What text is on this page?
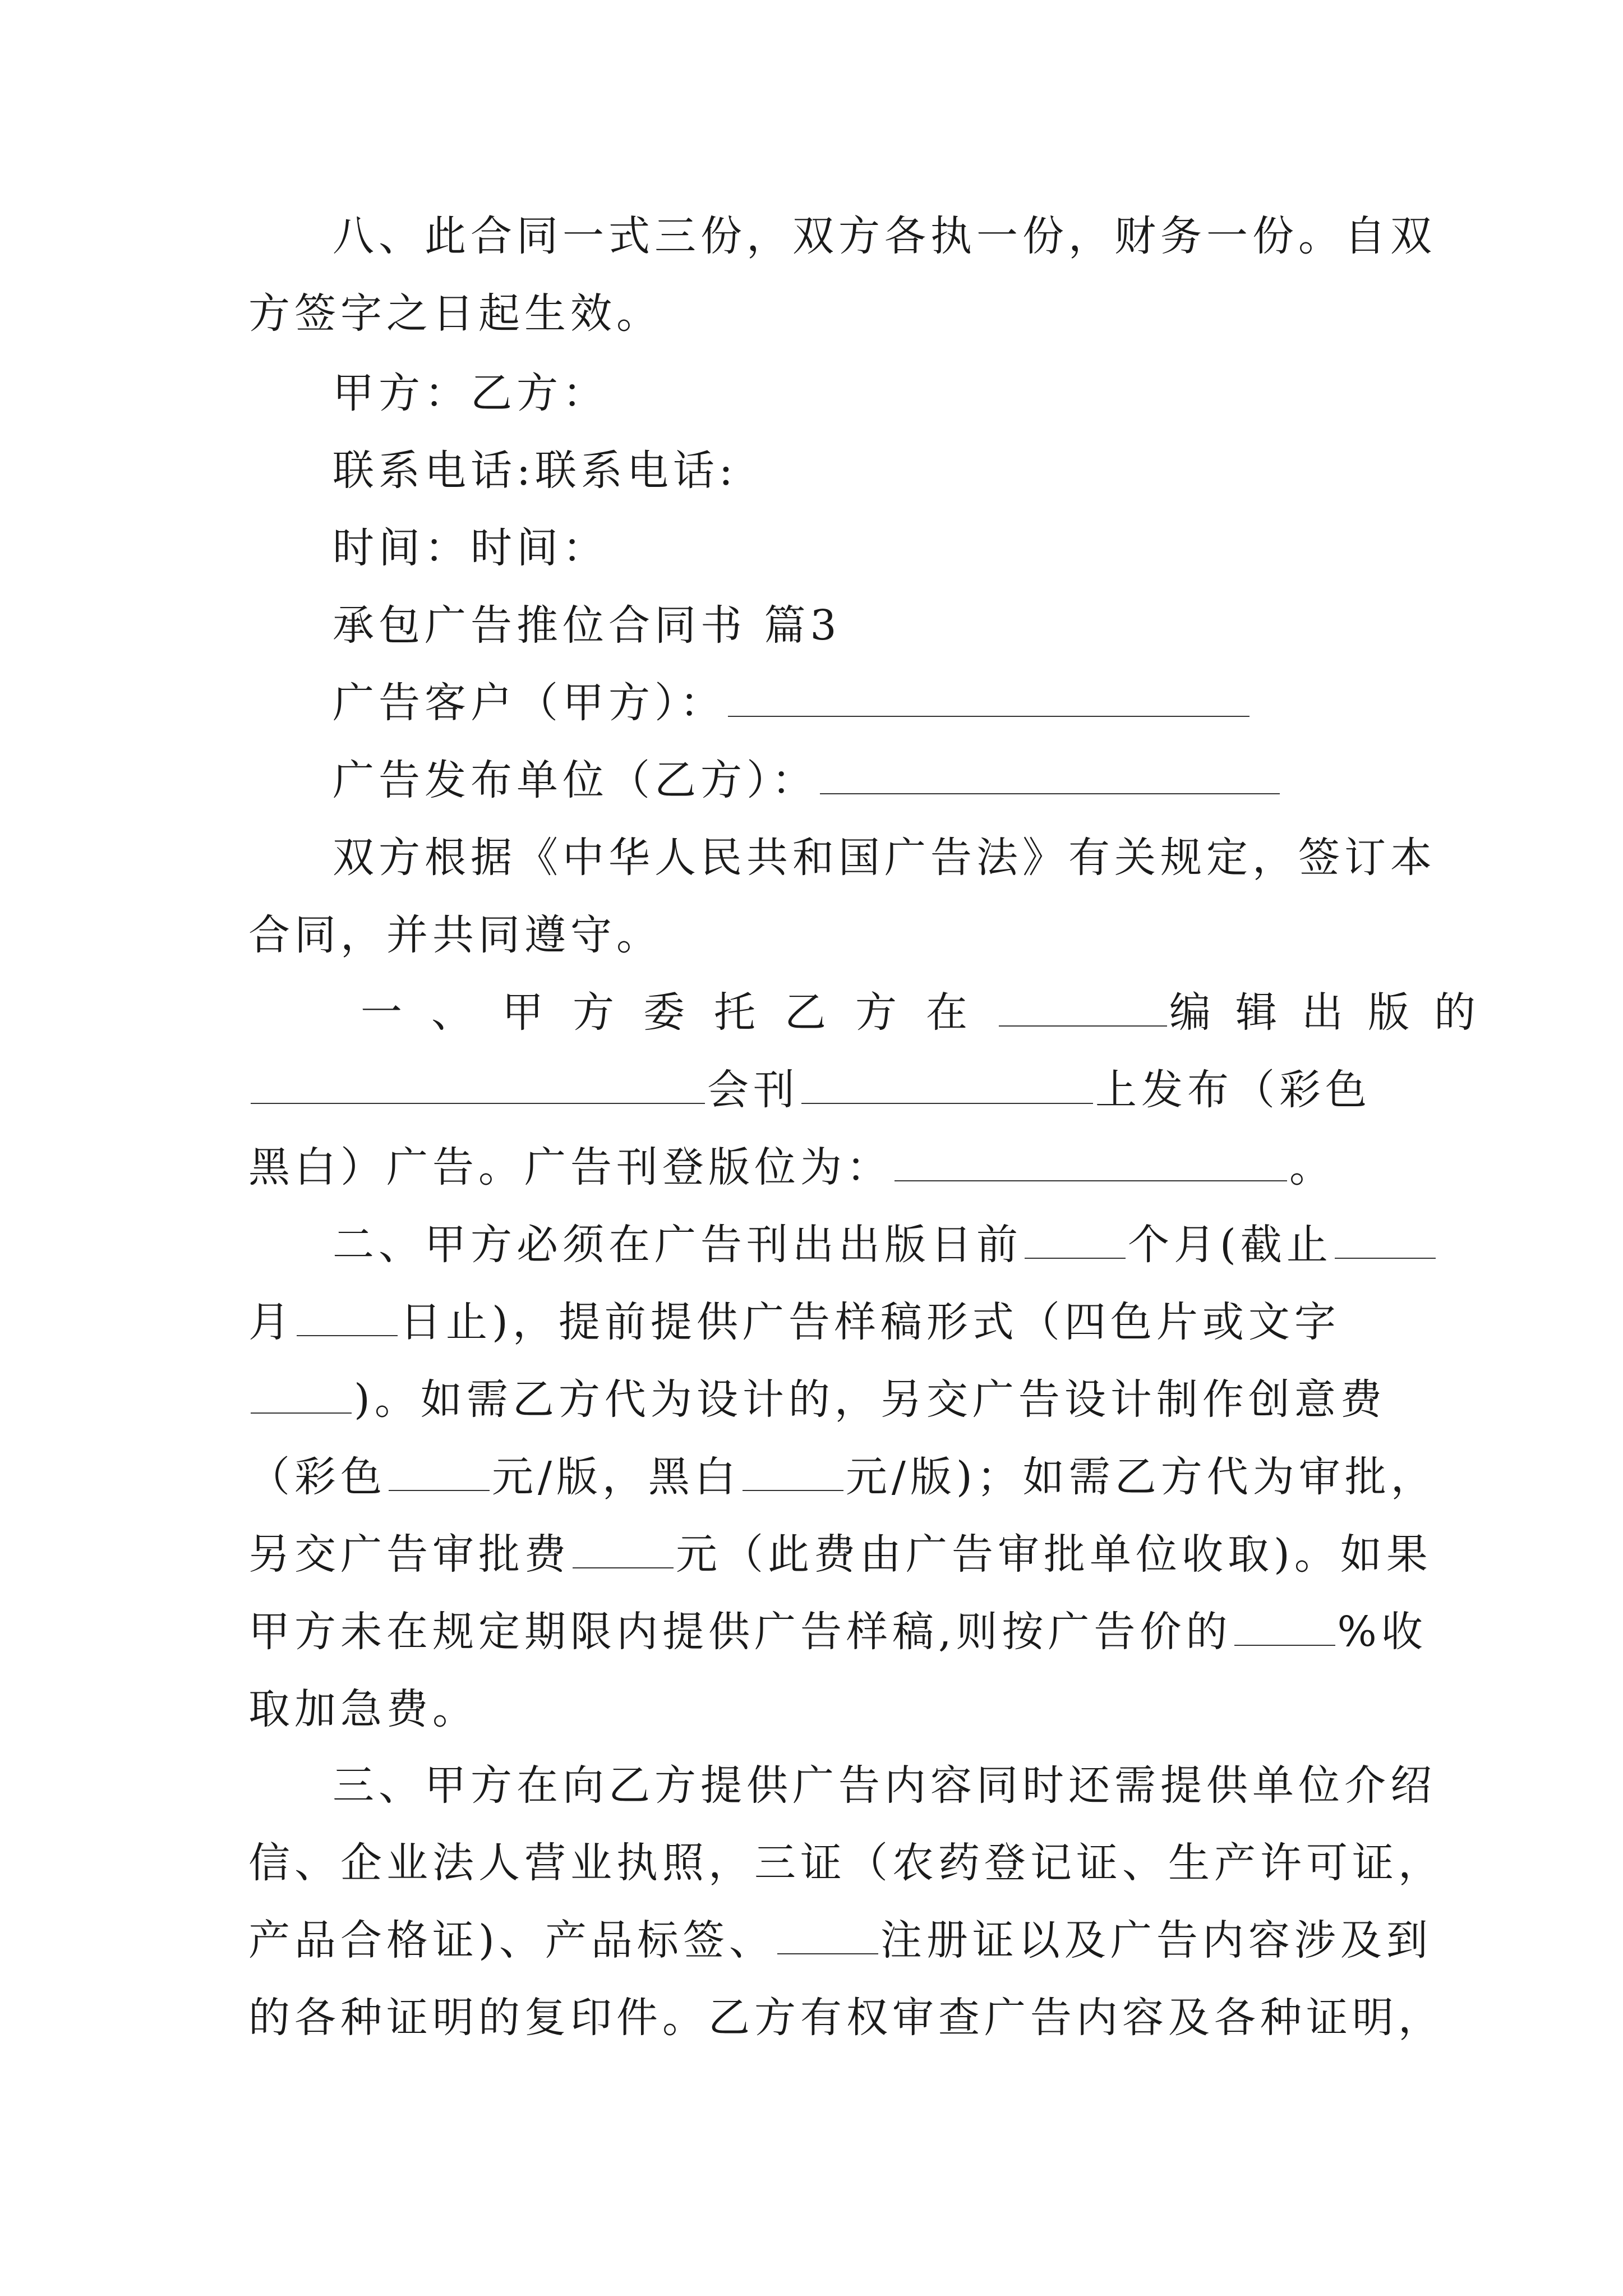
八、此合同一式三份，双方各执一份，财务一份。自双
方签字之日起生效。

甲方：乙方：

联系电话:联系电话:

时间：时间：

承包广告推位合同书 篇3

广告客户（甲方）：

广告发布单位（乙方）：

双方根据《中华人民共和国广告法》有关规定，签订本
合同，并共同遵守。

一、甲方委托乙方在	编辑出版的
会刊	上发布（彩色
黑白）广告。广告刊登版位为：	。

二、甲方必须在广告刊出出版日前	个月(截止
月	日止)，提前提供广告样稿形式（四色片或文字
)。如需乙方代为设计的，另交广告设计制作创意费
（彩色	元/版，黑白	元/版)；如需乙方代为审批，
另交广告审批费	元（此费由广告审批单位收取)。如果
甲方未在规定期限内提供广告样稿,则按广告价的	%收
取加急费。

三、甲方在向乙方提供广告内容同时还需提供单位介绍
信、企业法人营业执照，三证（农药登记证、生产许可证，
产品合格证)、产品标签、	注册证以及广告内容涉及到
的各种证明的复印件。乙方有权审查广告内容及各种证明，
